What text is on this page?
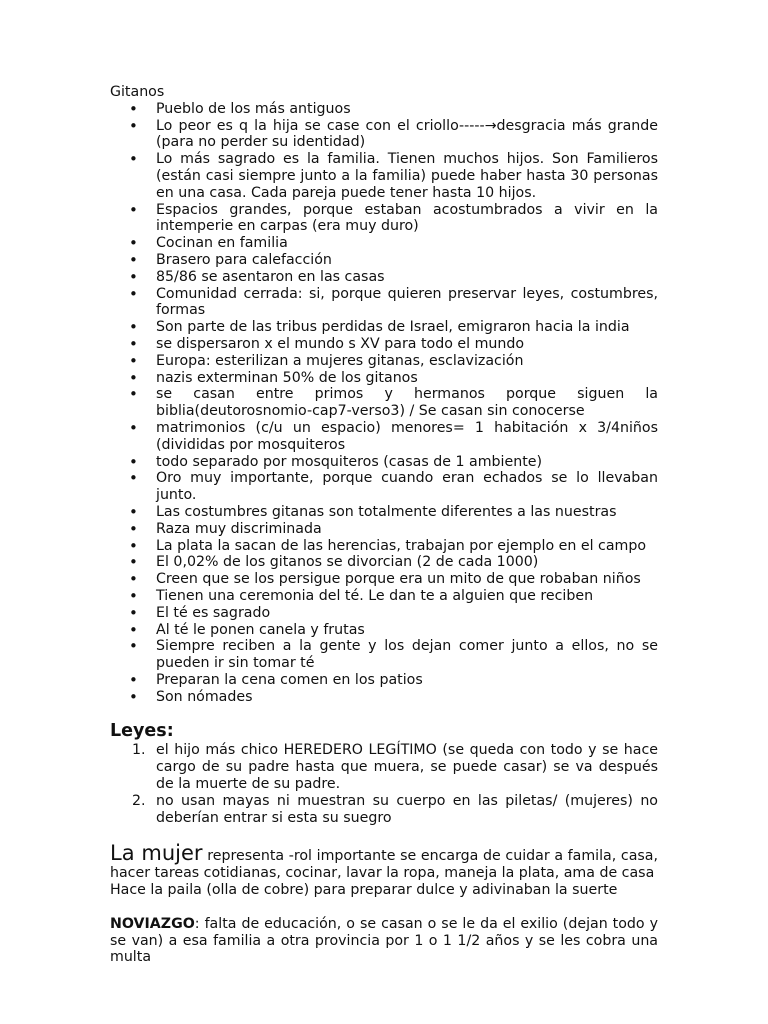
Gitanos
• Pueblo de los más antiguos
• Lo peor es q la hija se case con el criollo-----→desgracia más grande (para no perder su identidad)
• Lo más sagrado es la familia. Tienen muchos hijos. Son Familieros (están casi siempre junto a la familia) puede haber hasta 30 personas en una casa. Cada pareja puede tener hasta 10 hijos.
• Espacios grandes, porque estaban acostumbrados a vivir en la intemperie en carpas (era muy duro)
• Cocinan en familia
• Brasero para calefacción
• 85/86 se asentaron en las casas
• Comunidad cerrada: si, porque quieren preservar leyes, costumbres, formas
• Son parte de las tribus perdidas de Israel, emigraron hacia la india
• se dispersaron x el mundo s XV para todo el mundo
• Europa: esterilizan a mujeres gitanas, esclavización
• nazis exterminan 50% de los gitanos
• se casan entre primos y hermanos porque siguen la biblia(deutorosnomio-cap7-verso3) / Se casan sin conocerse
• matrimonios (c/u un espacio) menores= 1 habitación x 3/4niños (divididas por mosquiteros
• todo separado por mosquiteros (casas de 1 ambiente)
• Oro muy importante, porque cuando eran echados se lo llevaban junto.
• Las costumbres gitanas son totalmente diferentes a las nuestras
• Raza muy discriminada
• La plata la sacan de las herencias, trabajan por ejemplo en el campo
• El 0,02% de los gitanos se divorcian (2 de cada 1000)
• Creen que se los persigue porque era un mito de que robaban niños
• Tienen una ceremonia del té. Le dan te a alguien que reciben
• El té es sagrado
• Al té le ponen canela y frutas
• Siempre reciben a la gente y los dejan comer junto a ellos, no se pueden ir sin tomar té
• Preparan la cena comen en los patios
• Son nómades
Leyes:
1. el hijo más chico HEREDERO LEGÍTIMO (se queda con todo y se hace cargo de su padre hasta que muera, se puede casar) se va después de la muerte de su padre.
2. no usan mayas ni muestran su cuerpo en las piletas/ (mujeres) no deberían entrar si esta su suegro
La mujer representa -rol importante se encarga de cuidar a famila, casa, hacer tareas cotidianas, cocinar, lavar la ropa, maneja la plata, ama de casa
Hace la paila (olla de cobre) para preparar dulce y adivinaban la suerte
NOVIAZGO: falta de educación, o se casan o se le da el exilio (dejan todo y se van) a esa familia a otra provincia por 1 o 1 1/2 años y se les cobra una multa
